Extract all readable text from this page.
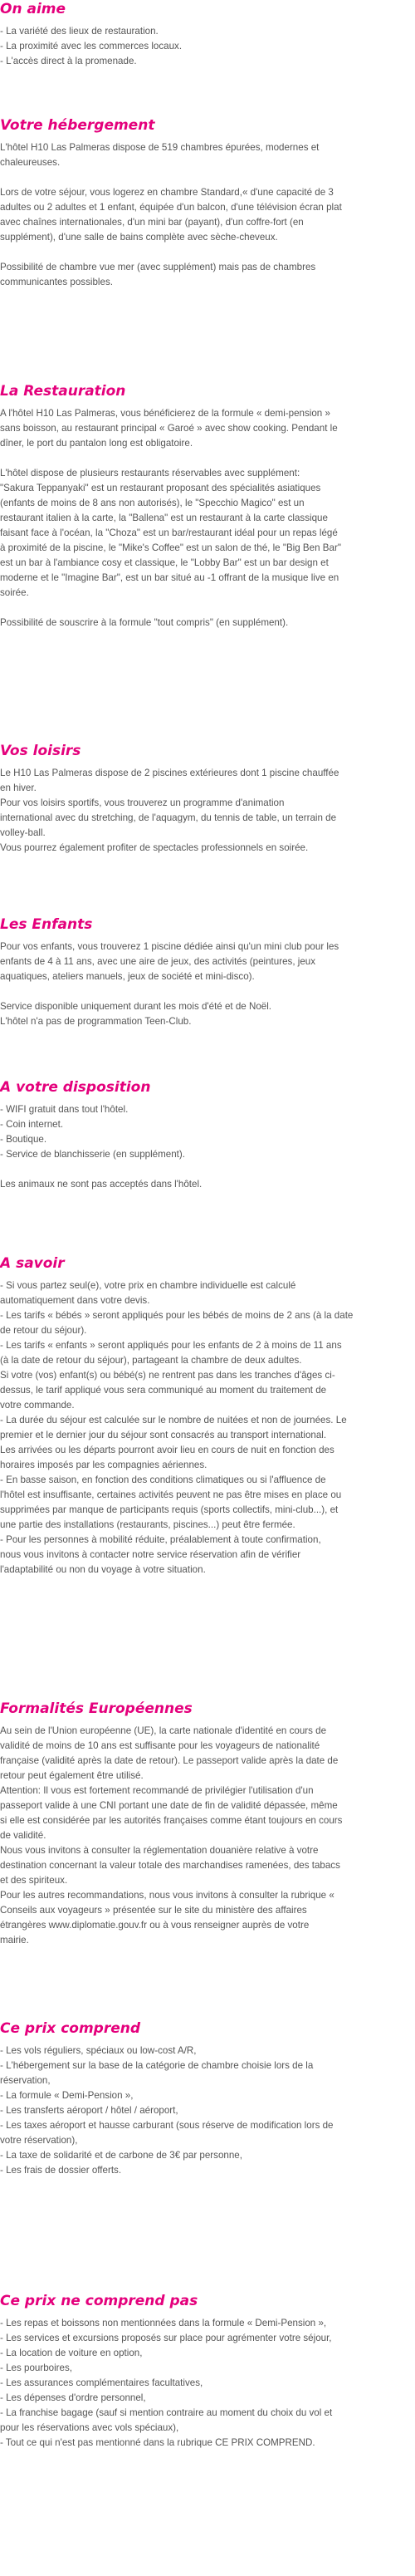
On aime
- La variété des lieux de restauration.
- La proximité avec les commerces locaux.
- L'accès direct à la promenade.
Votre hébergement
L'hôtel H10 Las Palmeras dispose de 519 chambres épurées, modernes et
chaleureuses.
Lors de votre séjour, vous logerez en chambre Standard,« d'une capacité de 3
adultes ou 2 adultes et 1 enfant, équipée d'un balcon, d'une télévision écran plat
avec chaînes internationales, d'un mini bar (payant), d'un coffre-fort (en
supplément), d'une salle de bains complète avec sèche-cheveux.
Possibilité de chambre vue mer (avec supplément) mais pas de chambres
communicantes possibles.
La Restauration
A l'hôtel H10 Las Palmeras, vous bénéficierez de la formule « demi-pension »
sans boisson, au restaurant principal « Garoé » avec show cooking. Pendant le
dîner, le port du pantalon long est obligatoire.
L'hôtel dispose de plusieurs restaurants réservables avec supplément:
"Sakura Teppanyaki" est un restaurant proposant des spécialités asiatiques
(enfants de moins de 8 ans non autorisés), le "Specchio Magico" est un
restaurant italien à la carte, la "Ballena" est un restaurant à la carte classique
faisant face à l'océan, la "Choza" est un bar/restaurant idéal pour un repas légé
à proximité de la piscine, le "Mike's Coffee" est un salon de thé, le "Big Ben Bar"
est un bar à l'ambiance cosy et classique, le "Lobby Bar" est un bar design et
moderne et le "Imagine Bar", est un bar situé au -1 offrant de la musique live en
soirée.
Possibilité de souscrire à la formule "tout compris" (en supplément).
Vos loisirs
Le H10 Las Palmeras dispose de 2 piscines extérieures dont 1 piscine chauffée
en hiver.
Pour vos loisirs sportifs, vous trouverez un programme d'animation
international avec du stretching, de l'aquagym, du tennis de table, un terrain de
volley-ball.
Vous pourrez également profiter de spectacles professionnels en soirée.
Les Enfants
Pour vos enfants, vous trouverez 1 piscine dédiée ainsi qu'un mini club pour les
enfants de 4 à 11 ans, avec une aire de jeux, des activités (peintures, jeux
aquatiques, ateliers manuels, jeux de société et mini-disco).
Service disponible uniquement durant les mois d'été et de Noël.
L'hôtel n'a pas de programmation Teen-Club.
A votre disposition
- WIFI gratuit dans tout l'hôtel.
- Coin internet.
- Boutique.
- Service de blanchisserie (en supplément).
Les animaux ne sont pas acceptés dans l'hôtel.
A savoir
- Si vous partez seul(e), votre prix en chambre individuelle est calculé
automatiquement dans votre devis.
- Les tarifs « bébés » seront appliqués pour les bébés de moins de 2 ans (à la date
de retour du séjour).
- Les tarifs « enfants » seront appliqués pour les enfants de 2 à moins de 11 ans
(à la date de retour du séjour), partageant la chambre de deux adultes.
Si votre (vos) enfant(s) ou bébé(s) ne rentrent pas dans les tranches d'âges ci-
dessus, le tarif appliqué vous sera communiqué au moment du traitement de
votre commande.
- La durée du séjour est calculée sur le nombre de nuitées et non de journées. Le
premier et le dernier jour du séjour sont consacrés au transport international.
Les arrivées ou les départs pourront avoir lieu en cours de nuit en fonction des
horaires imposés par les compagnies aériennes.
- En basse saison, en fonction des conditions climatiques ou si l'affluence de
l'hôtel est insuffisante, certaines activités peuvent ne pas être mises en place ou
supprimées par manque de participants requis (sports collectifs, mini-club...), et
une partie des installations (restaurants, piscines...) peut être fermée.
- Pour les personnes à mobilité réduite, préalablement à toute confirmation,
nous vous invitons à contacter notre service réservation afin de vérifier
l'adaptabilité ou non du voyage à votre situation.
Formalités Européennes
Au sein de l'Union européenne (UE), la carte nationale d'identité en cours de
validité de moins de 10 ans est suffisante pour les voyageurs de nationalité
française (validité après la date de retour). Le passeport valide après la date de
retour peut également être utilisé.
Attention: Il vous est fortement recommandé de privilégier l'utilisation d'un
passeport valide à une CNI portant une date de fin de validité dépassée, même
si elle est considérée par les autorités françaises comme étant toujours en cours
de validité.
Nous vous invitons à consulter la réglementation douanière relative à votre
destination concernant la valeur totale des marchandises ramenées, des tabacs
et des spiriteux.
Pour les autres recommandations, nous vous invitons à consulter la rubrique «
Conseils aux voyageurs » présentée sur le site du ministère des affaires
étrangères www.diplomatie.gouv.fr ou à vous renseigner auprès de votre
mairie.
Ce prix comprend
- Les vols réguliers, spéciaux ou low-cost A/R,
- L'hébergement sur la base de la catégorie de chambre choisie lors de la
réservation,
- La formule « Demi-Pension »,
- Les transferts aéroport / hôtel / aéroport,
- Les taxes aéroport et hausse carburant (sous réserve de modification lors de
votre réservation),
- La taxe de solidarité et de carbone de 3€ par personne,
- Les frais de dossier offerts.
Ce prix ne comprend pas
- Les repas et boissons non mentionnées dans la formule « Demi-Pension »,
- Les services et excursions proposés sur place pour agrémenter votre séjour,
- La location de voiture en option,
- Les pourboires,
- Les assurances complémentaires facultatives,
- Les dépenses d'ordre personnel,
- La franchise bagage (sauf si mention contraire au moment du choix du vol et
pour les réservations avec vols spéciaux),
- Tout ce qui n'est pas mentionné dans la rubrique CE PRIX COMPREND.
